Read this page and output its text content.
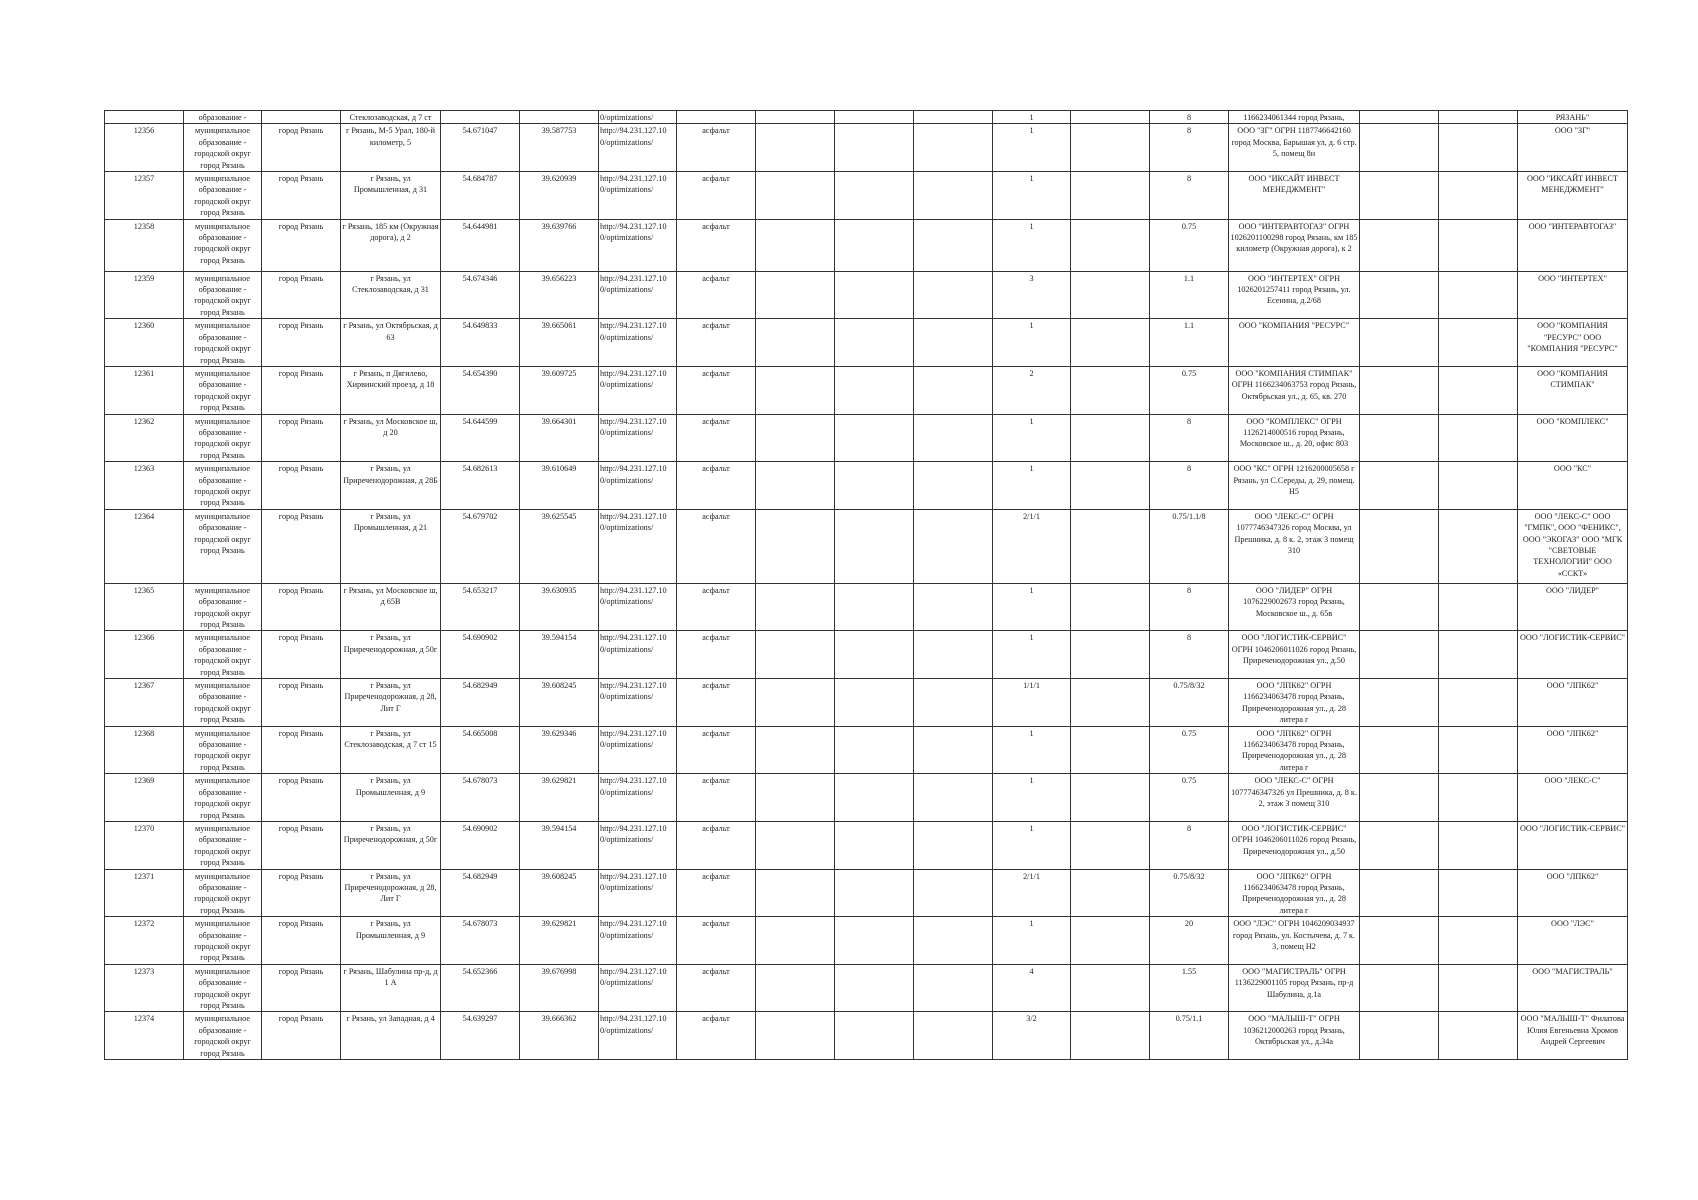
	образование -		Стеклозаводская, д 7 ст			0/optimizations/					1		8	1166234061344 город Рязань,			РЯЗАНЬ"
12356	муниципальное образование - городской округ город Рязань	город Рязань	г Рязань, М-5 Урал, 180-й километр, 5	54.671047	39.587753	http://94.231.127.10 0/optimizations/	асфальт				1		8	ООО "ЗГ" ОГРН 1187746642160 город Москва, Барышая ул, д. 6 стр. 5, помещ 8н			ООО "ЗГ"
12357	муниципальное образование - городской округ город Рязань	город Рязань	г Рязань, ул Промышленная, д 31	54.684787	39.620939	http://94.231.127.10 0/optimizations/	асфальт				1		8	ООО "ИКСАЙТ ИНВЕСТ МЕНЕДЖМЕНТ"			ООО "ИКСАЙТ ИНВЕСТ МЕНЕДЖМЕНТ"
12358	муниципальное образование - городской округ город Рязань	город Рязань	г Рязань, 185 км (Окружная дорога), д 2	54.644981	39.639766	http://94.231.127.10 0/optimizations/	асфальт				1		0.75	ООО "ИНТЕРАВТОГАЗ" ОГРН 1026201100298 город Рязань, км 185 километр (Окружная дорога), к 2			ООО "ИНТЕРАВТОГАЗ"
12359	муниципальное образование - городской округ город Рязань	город Рязань	г Рязань, ул Стеклозаводская, д 31	54.674346	39.656223	http://94.231.127.10 0/optimizations/	асфальт				3		1.1	ООО "ИНТЕРТЕХ" ОГРН 1026201257411 город Рязань, ул. Есенина, д.2/68			ООО "ИНТЕРТЕХ"
12360	муниципальное образование - городской округ город Рязань	город Рязань	г Рязань, ул Октябрьская, д 63	54.649833	39.665061	http://94.231.127.10 0/optimizations/	асфальт				1		1.1	ООО "КОМПАНИЯ "РЕСУРС"			ООО "КОМПАНИЯ "РЕСУРС" ООО "КОМПАНИЯ "РЕСУРС"
12361	муниципальное образование - городской округ город Рязань	город Рязань	г Рязань, п Дягилево, Хирвинский проезд, д 18	54.654390	39.609725	http://94.231.127.10 0/optimizations/	асфальт				2		0.75	ООО "КОМПАНИЯ СТИМПАК" ОГРН 1166234063753 город Рязань, Октябрьская ул., д. 65, кв. 270			ООО "КОМПАНИЯ СТИМПАК"
12362	муниципальное образование - городской округ город Рязань	город Рязань	г Рязань, ул Московское ш, д 20	54.644599	39.664301	http://94.231.127.10 0/optimizations/	асфальт				1		8	ООО "КОМПЛЕКС" ОГРН 1126214000516 город Рязань, Московское ш., д. 20, офис 803			ООО "КОМПЛЕКС"
12363	муниципальное образование - городской округ город Рязань	город Рязань	г Рязань, ул Приреченодорожная, д 28Б	54.682613	39.610649	http://94.231.127.10 0/optimizations/	асфальт				1		8	ООО "КС" ОГРН 1216200005658 г Рязань, ул С.Середы, д. 29, помещ. Н5			ООО "КС"
12364	муниципальное образование - городской округ город Рязань	город Рязань	г Рязань, ул Промышленная, д 21	54.679702	39.625545	http://94.231.127.10 0/optimizations/	асфальт				2/1/1		0.75/1.1/8	ООО "ЛЕКС-С" ОГРН 1077746347326 город Москва, ул Прешника, д. 8 к. 2, этаж 3 помещ 310			ООО "ЛЕКС-С" ООО "ГМПК", ООО "ФЕНИКС", ООО "ЭКОГАЗ" ООО "МГК "СВЕТОВЫЕ ТЕХНОЛОГИИ" ООО «ССКТ»
12365	муниципальное образование - городской округ город Рязань	город Рязань	г Рязань, ул Московское ш, д 65В	54.653217	39.630935	http://94.231.127.10 0/optimizations/	асфальт				1		8	ООО "ЛИДЕР" ОГРН 1076229002673 город Рязань, Московское ш., д. 65в			ООО "ЛИДЕР"
12366	муниципальное образование - городской округ город Рязань	город Рязань	г Рязань, ул Приреченодорожная, д 50г	54.690902	39.594154	http://94.231.127.10 0/optimizations/	асфальт				1		8	ООО "ЛОГИСТИК-СЕРВИС" ОГРН 1046206011026 город Рязань, Приреченодорожная ул., д.50			ООО "ЛОГИСТИК-СЕРВИС"
12367	муниципальное образование - городской округ город Рязань	город Рязань	г Рязань, ул Приреченодорожная, д 28, Лит Г	54.682949	39.608245	http://94.231.127.10 0/optimizations/	асфальт				1/1/1		0.75/8/32	ООО "ЛПК62" ОГРН 1166234063478 город Рязань, Приреченодорожная ул., д. 28 литера г			ООО "ЛПК62"
12368	муниципальное образование - городской округ город Рязань	город Рязань	г Рязань, ул Стеклозаводская, д 7 ст 15	54.665008	39.629346	http://94.231.127.10 0/optimizations/	асфальт				1		0.75	ООО "ЛПК62" ОГРН 1166234063478 город Рязань, Приреченодорожная ул., д. 28 литера г			ООО "ЛПК62"
12369	муниципальное образование - городской округ город Рязань	город Рязань	г Рязань, ул Промышленная, д 9	54.678073	39.629821	http://94.231.127.10 0/optimizations/	асфальт				1		0.75	ООО "ЛЕКС-С" ОГРН 1077746347326 ул Прешника, д. 8 к. 2, этаж 3 помещ 310			ООО "ЛЕКС-С"
12370	муниципальное образование - городской округ город Рязань	город Рязань	г Рязань, ул Приреченодорожная, д 50г	54.690902	39.594154	http://94.231.127.10 0/optimizations/	асфальт				1		8	ООО "ЛОГИСТИК-СЕРВИС" ОГРН 1046206011026 город Рязань, Приреченодорожная ул., д.50			ООО "ЛОГИСТИК-СЕРВИС"
12371	муниципальное образование - городской округ город Рязань	город Рязань	г Рязань, ул Приреченодорожная, д 28, Лит Г	54.682949	39.608245	http://94.231.127.10 0/optimizations/	асфальт				2/1/1		0.75/8/32	ООО "ЛПК62" ОГРН 1166234063478 город Рязань, Приреченодорожная ул., д. 28 литера г			ООО "ЛПК62"
12372	муниципальное образование - городской округ город Рязань	город Рязань	г Рязань, ул Промышленная, д 9	54.678073	39.629821	http://94.231.127.10 0/optimizations/	асфальт				1		20	ООО "ЛЭС" ОГРН 1046209034937 город Рязань, ул. Костычева, д. 7 к. 3, помещ Н2			ООО "ЛЭС"
12373	муниципальное образование - городской округ город Рязань	город Рязань	г Рязань, Шабулина пр-д, д 1 А	54.652366	39.676998	http://94.231.127.10 0/optimizations/	асфальт				4		1.55	ООО "МАГИСТРАЛЬ" ОГРН 1136229001105 город Рязань, пр-д Шабулина, д.1а			ООО "МАГИСТРАЛЬ"
12374	муниципальное образование - городской округ город Рязань	город Рязань	г Рязань, ул Западная, д 4	54.639297	39.666362	http://94.231.127.10 0/optimizations/	асфальт				3/2		0.75/1.1	ООО "МАЛЫШ-Т" ОГРН 1036212000263 город Рязань, Октябрьская ул., д.34а			ООО "МАЛЫШ-Т" Филатова Юлия Евгеньевна Хромов Андрей Сергеевич
